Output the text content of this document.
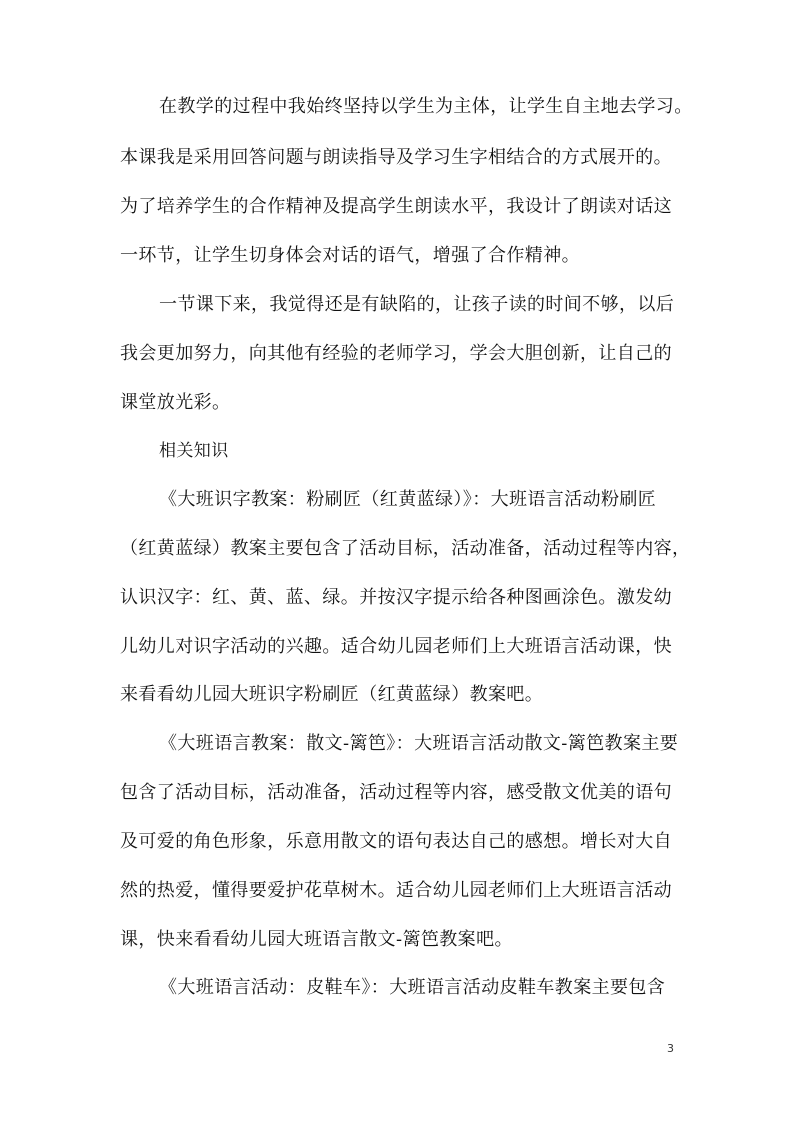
在教学的过程中我始终坚持以学生为主体，让学生自主地去学习。
本课我是采用回答问题与朗读指导及学习生字相结合的方式展开的。
为了培养学生的合作精神及提高学生朗读水平，我设计了朗读对话这
一环节，让学生切身体会对话的语气，增强了合作精神。
一节课下来，我觉得还是有缺陷的，让孩子读的时间不够，以后
我会更加努力，向其他有经验的老师学习，学会大胆创新，让自己的
课堂放光彩。
相关知识
《大班识字教案：粉刷匠（红黄蓝绿）》：大班语言活动粉刷匠
（红黄蓝绿）教案主要包含了活动目标，活动准备，活动过程等内容，
认识汉字：红、黄、蓝、绿。并按汉字提示给各种图画涂色。激发幼
儿幼儿对识字活动的兴趣。适合幼儿园老师们上大班语言活动课，快
来看看幼儿园大班识字粉刷匠（红黄蓝绿）教案吧。
《大班语言教案：散文-篱笆》：大班语言活动散文-篱笆教案主要
包含了活动目标，活动准备，活动过程等内容，感受散文优美的语句
及可爱的角色形象，乐意用散文的语句表达自己的感想。增长对大自
然的热爱，懂得要爱护花草树木。适合幼儿园老师们上大班语言活动
课，快来看看幼儿园大班语言散文-篱笆教案吧。
《大班语言活动：皮鞋车》：大班语言活动皮鞋车教案主要包含
3
